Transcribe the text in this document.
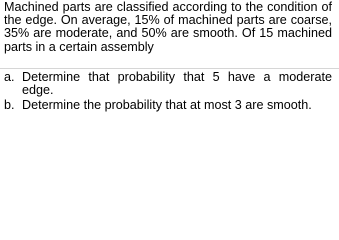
Machined parts are classified according to the condition of the edge. On average, 15% of machined parts are coarse, 35% are moderate, and 50% are smooth. Of 15 machined parts in a certain assembly

a. Determine that probability that 5 have a moderate edge.
b. Determine the probability that at most 3 are smooth.
